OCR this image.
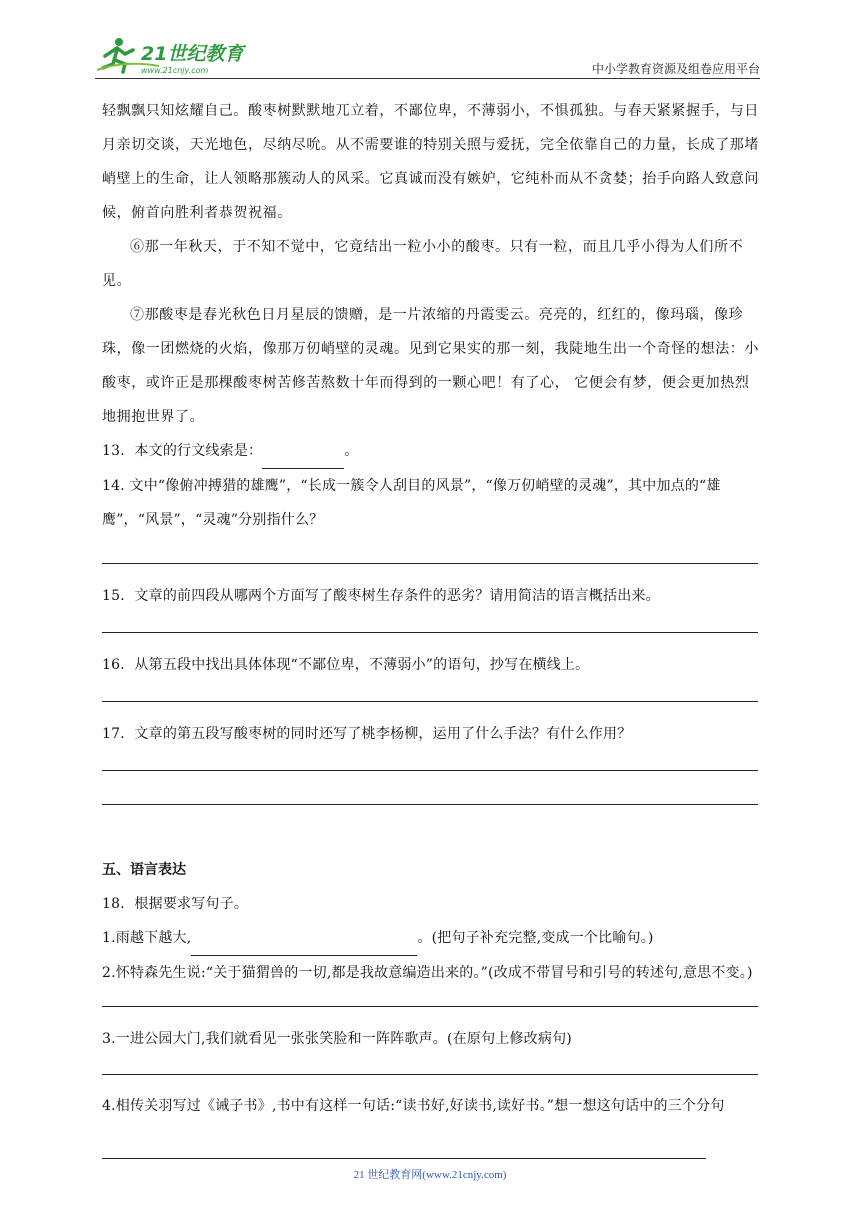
21世纪教育
www.21cnjy.com	中小学教育资源及组卷应用平台

轻飘飘只知炫耀自己。酸枣树默默地兀立着，不鄙位卑，不薄弱小，不惧孤独。与春天紧紧握手，与日月亲切交谈，天光地色，尽纳尽吮。从不需要谁的特别关照与爱抚，完全依靠自己的力量，长成了那堵峭壁上的生命，让人领略那簇动人的风采。它真诚而没有嫉妒，它纯朴而从不贪婪；抬手向路人致意问候，俯首向胜利者恭贺祝福。

⑥那一年秋天，于不知不觉中，它竟结出一粒小小的酸枣。只有一粒，而且几乎小得为人们所不见。

⑦那酸枣是春光秋色日月星辰的馈赠，是一片浓缩的丹霞雯云。亮亮的，红红的，像玛瑙，像珍珠，像一团燃烧的火焰，像那万仞峭壁的灵魂。见到它果实的那一刻，我陡地生出一个奇怪的想法：小酸枣，或许正是那棵酸枣树苦修苦熬数十年而得到的一颗心吧！有了心， 它便会有梦，便会更加热烈地拥抱世界了。

13．本文的行文线索是：	。

14. 文中“像俯冲搏猎的雄鹰”，“长成一簇令人刮目的风景”，“像万仞峭壁的灵魂”，其中加点的“雄鹰”，“风景”，“灵魂”分别指什么？

15．文章的前四段从哪两个方面写了酸枣树生存条件的恶劣？请用简洁的语言概括出来。

16．从第五段中找出具体体现“不鄙位卑，不薄弱小”的语句，抄写在横线上。

17．文章的第五段写酸枣树的同时还写了桃李杨柳，运用了什么手法？有什么作用？

五、语言表达

18．根据要求写句子。

1.雨越下越大,	。(把句子补充完整,变成一个比喻句。)

2.怀特森先生说:“关于猫猬兽的一切,都是我故意编造出来的。”(改成不带冒号和引号的转述句,意思不变。)

3.一进公园大门,我们就看见一张张笑脸和一阵阵歌声。(在原句上修改病句)

4.相传关羽写过《诫子书》,书中有这样一句话:“读书好,好读书,读好书。”想一想这句话中的三个分句

21 世纪教育网(www.21cnjy.com)
